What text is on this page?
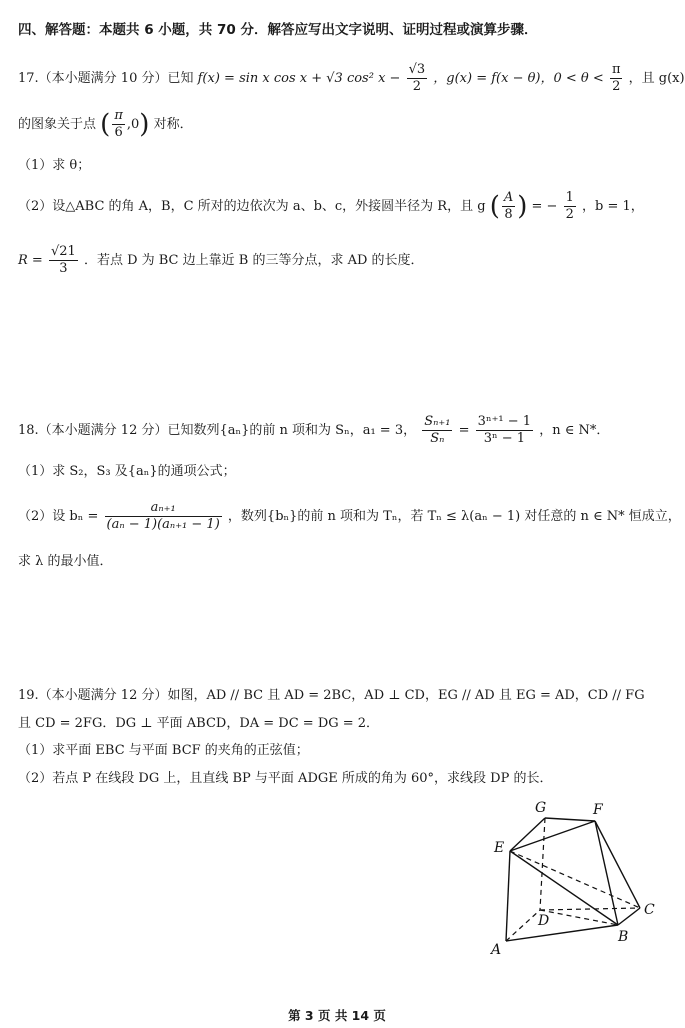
四、解答题：本题共 6 小题，共 70 分．解答应写出文字说明、证明过程或演算步骤．
17.（本小题满分 10 分）已知 f(x) = sin x cos x + √3 cos² $x - \frac{√3}{2}$ ，g(x) = f(x − θ)，$0 < \theta < \frac{\pi}{2}$ ，且 g(x)
的图象关于点 ( $\frac{\pi}{6} ,0$) 对称．
（1）求 θ；
（2）设△ABC 的角 A，B，C 所对的边依次为 a、b、c，外接圆半径为 R，且 g ( $\frac{A}{8}$ ) = − $\frac{1}{2}$ ，b = 1，
$R = \frac{√21}{3}$ ．若点 D 为 BC 边上靠近 B 的三等分点，求 AD 的长度．
18.（本小题满分 12 分）已知数列{aₙ}的前 n 项和为 Sₙ，a₁ = 3， $\frac{\text{Sₙ₊₁}}{\text{Sₙ}} = \frac{\text{3ⁿ⁺¹ − 1}}{\text{3ⁿ − 1}}$ ，n ∈ N*．
（1）求 S₂，S₃ 及{aₙ}的通项公式；
（2）设 $b_n = \frac{\text{aₙ₊₁}}{\text{(aₙ − 1)(aₙ₊₁ − 1)}}$ ，数列{bₙ}的前 n 项和为 Tₙ，若 Tₙ ≤ λ(aₙ − 1) 对任意的 n ∈ N* 恒成立，
求 λ 的最小值．
19.（本小题满分 12 分）如图，AD // BC 且 AD = 2BC，AD ⊥ CD，EG // AD 且 EG = AD，CD // FG
且 CD = 2FG．DG ⊥ 平面 ABCD，DA = DC = DG = 2．
（1）求平面 EBC 与平面 BCF 的夹角的正弦值；
（2）若点 P 在线段 DG 上，且直线 BP 与平面 ADGE 所成的角为 60°，求线段 DP 的长．
G	F
E
D
C
A
B
第 3 页 共 14 页
